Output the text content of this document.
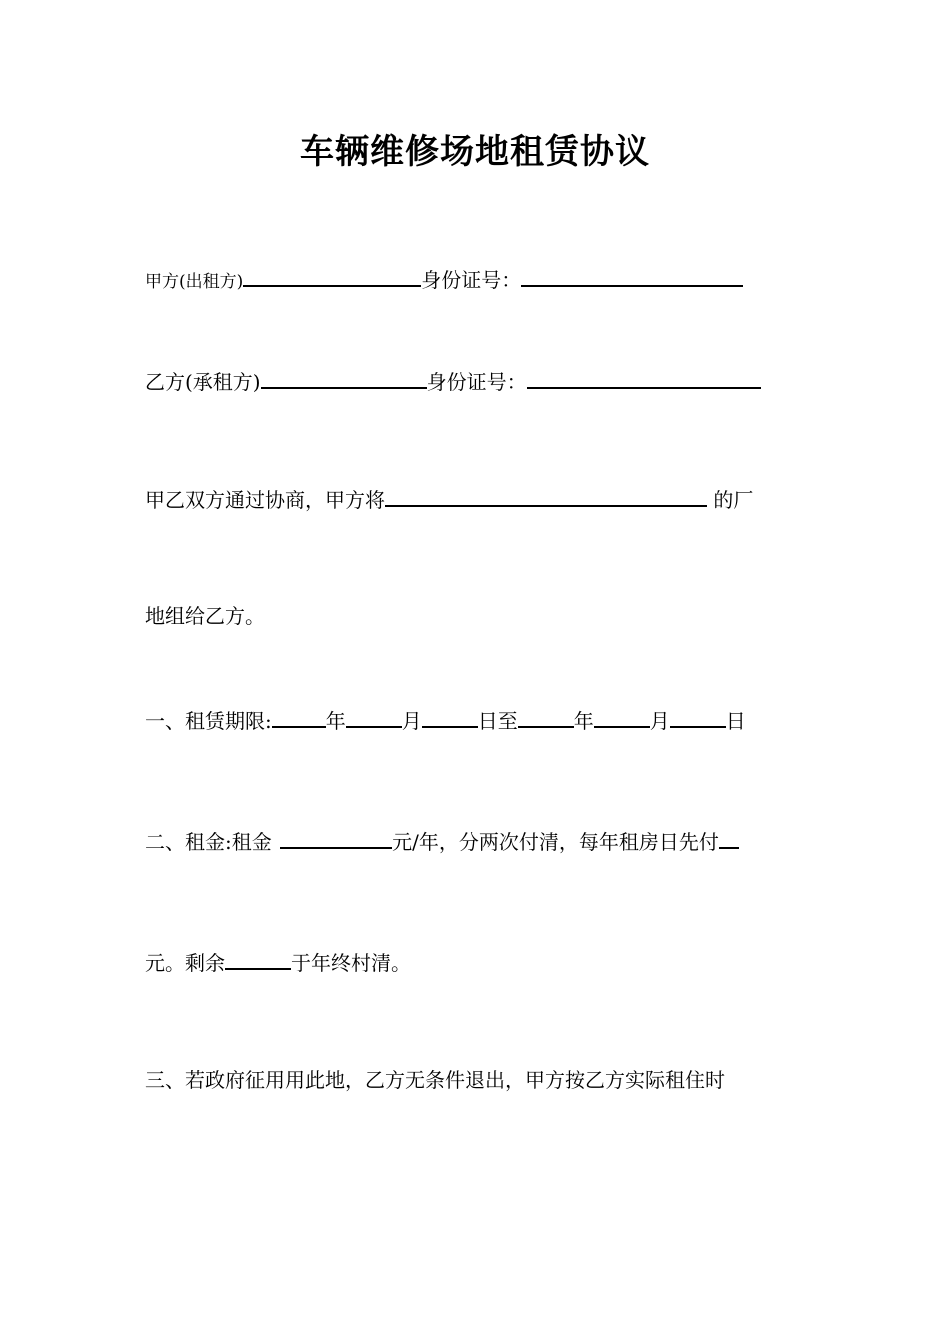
车辆维修场地租赁协议
甲方(出租方)	身份证号：
乙方(承租方)	身份证号：
甲乙双方通过协商，甲方将	的厂
地组给乙方。
一、租赁期限:	年	月	日至	年	月	日
二、租金:租金	元/年，分两次付清，每年租房日先付
元。剩余	于年终村清。
三、若政府征用用此地，乙方无条件退出，甲方按乙方实际租住时
